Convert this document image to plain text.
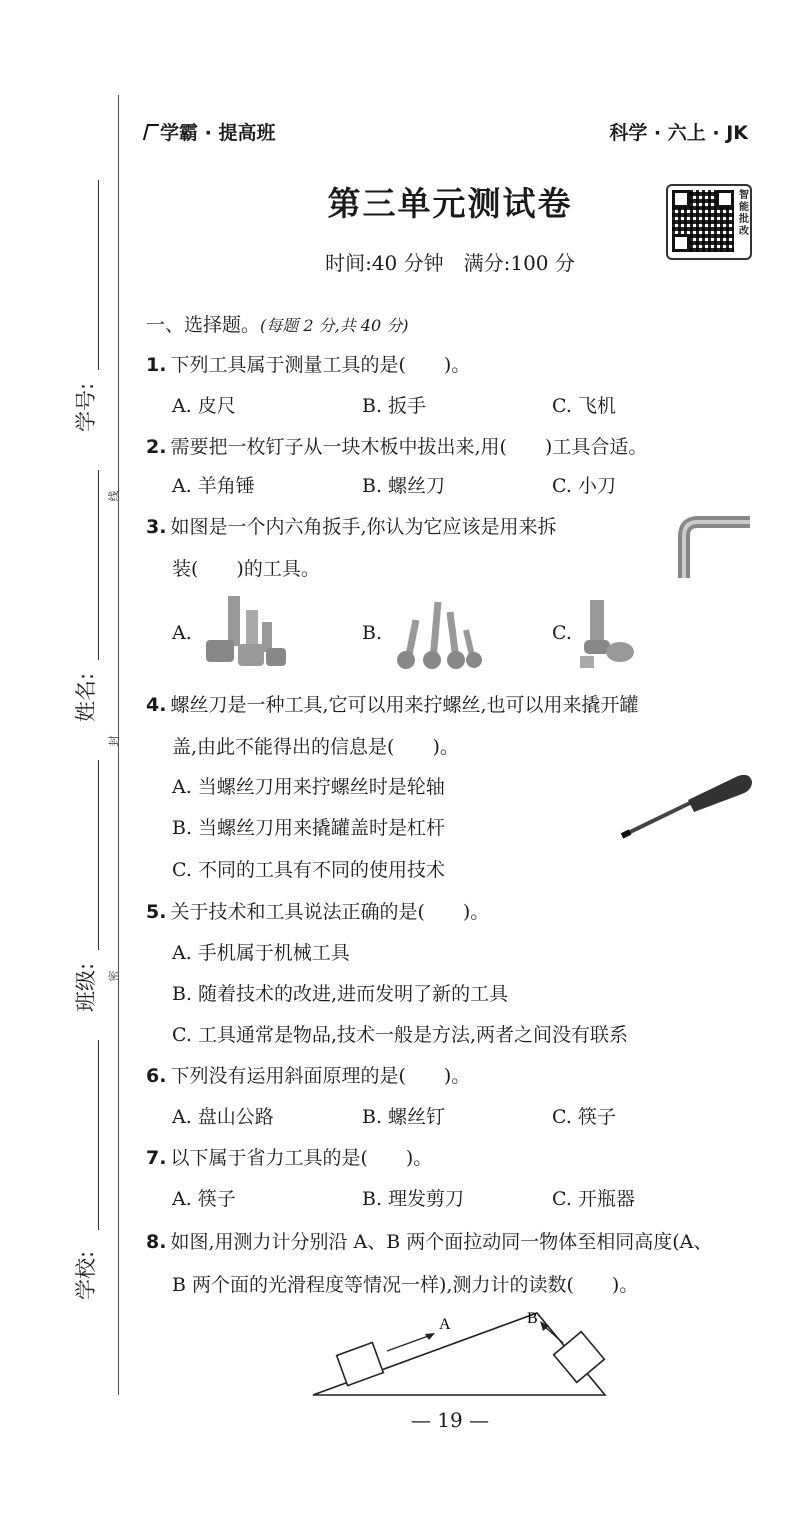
学号:
姓名:
班级:
学校:
线
封
密
学霸 · 提高班	科学 · 六上 · JK
第三单元测试卷
时间:40 分钟　满分:100 分
智
能
批
改
一、选择题。(每题 2 分,共 40 分)
1. 下列工具属于测量工具的是(　　)。
A. 皮尺	B. 扳手	C. 飞机
2. 需要把一枚钉子从一块木板中拔出来,用(　　)工具合适。
A. 羊角锤	B. 螺丝刀	C. 小刀
3. 如图是一个内六角扳手,你认为它应该是用来拆
装(　　)的工具。
A.	B.	C.
4. 螺丝刀是一种工具,它可以用来拧螺丝,也可以用来撬开罐
盖,由此不能得出的信息是(　　)。
A. 当螺丝刀用来拧螺丝时是轮轴
B. 当螺丝刀用来撬罐盖时是杠杆
C. 不同的工具有不同的使用技术
5. 关于技术和工具说法正确的是(　　)。
A. 手机属于机械工具
B. 随着技术的改进,进而发明了新的工具
C. 工具通常是物品,技术一般是方法,两者之间没有联系
6. 下列没有运用斜面原理的是(　　)。
A. 盘山公路	B. 螺丝钉	C. 筷子
7. 以下属于省力工具的是(　　)。
A. 筷子	B. 理发剪刀	C. 开瓶器
8. 如图,用测力计分别沿 A、B 两个面拉动同一物体至相同高度(A、
B 两个面的光滑程度等情况一样),测力计的读数(　　)。
A	B
— 19 —
